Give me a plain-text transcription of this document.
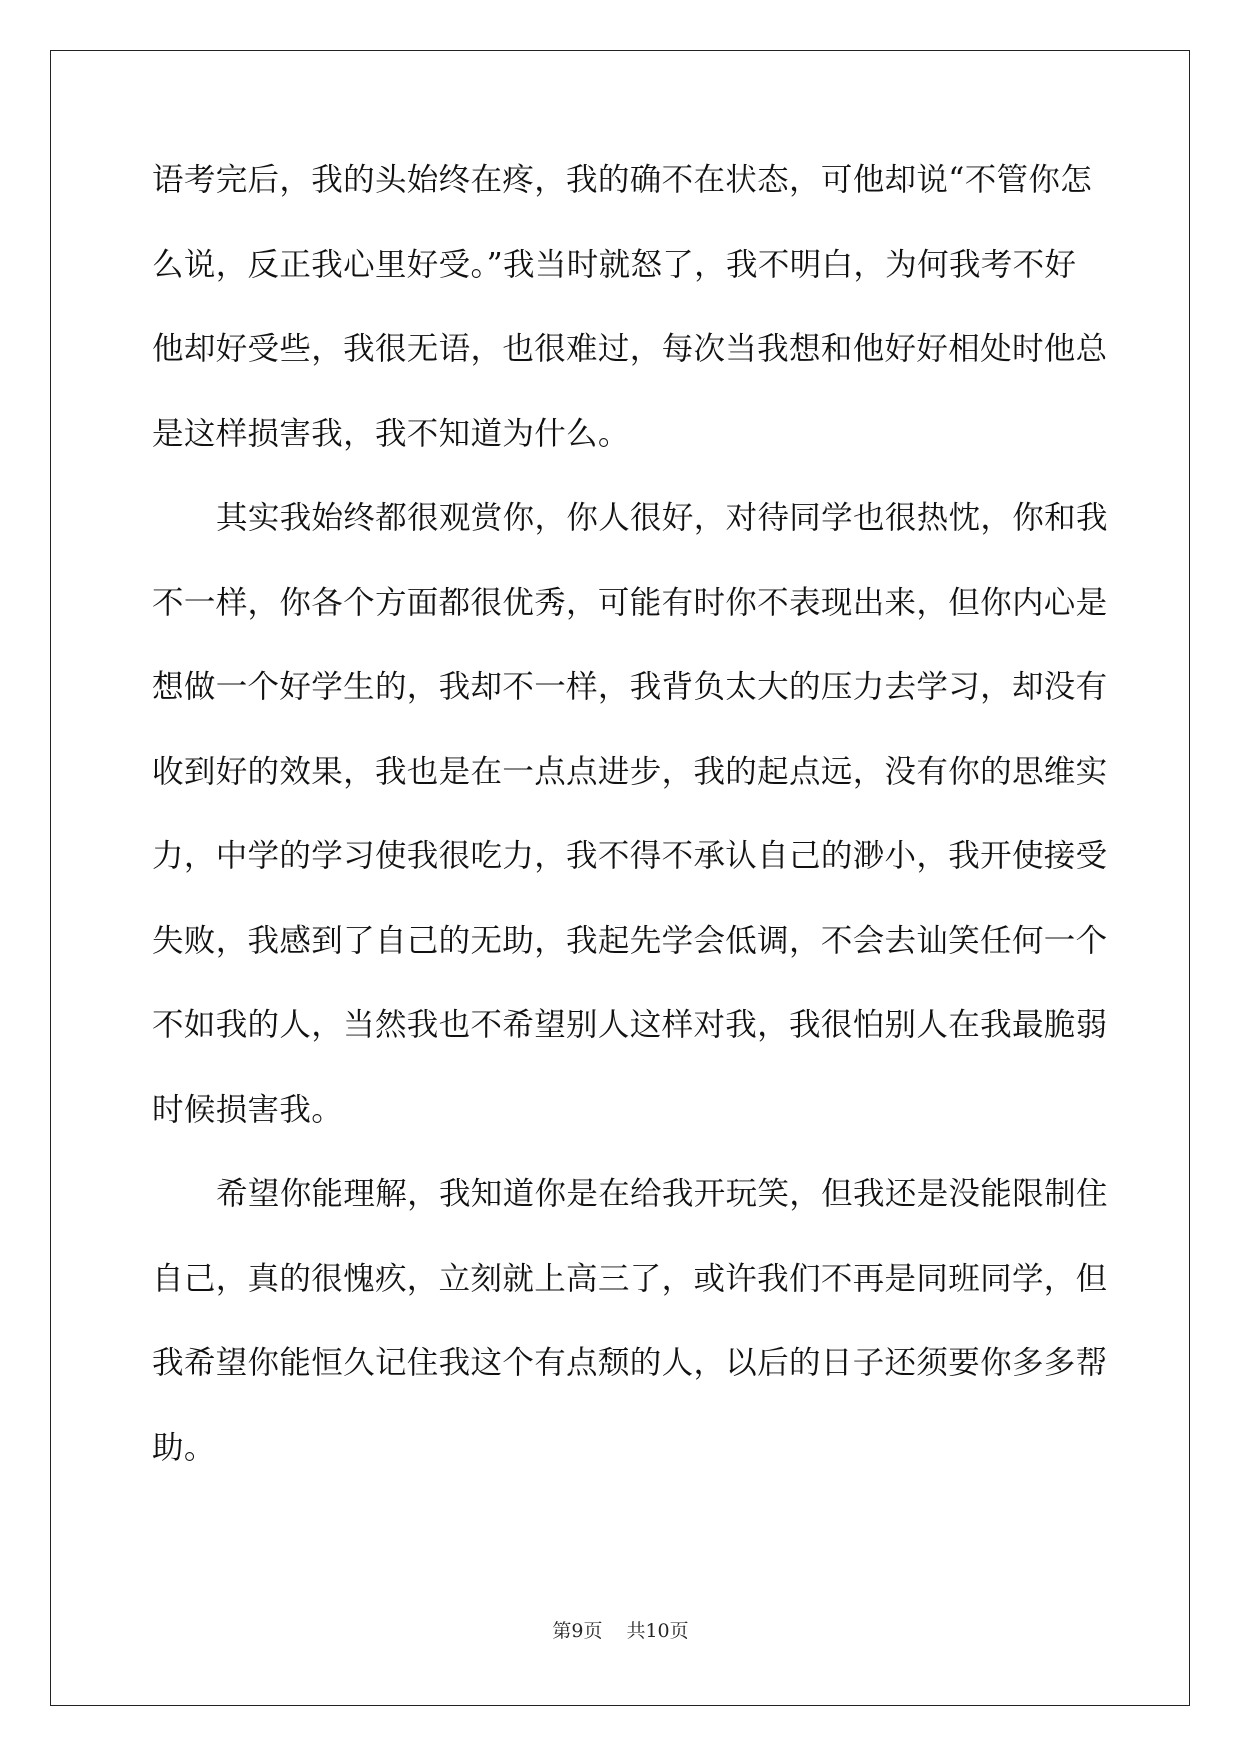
语考完后，我的头始终在疼，我的确不在状态，可他却说“不管你怎
么说，反正我心里好受。”我当时就怒了，我不明白，为何我考不好
他却好受些，我很无语，也很难过，每次当我想和他好好相处时他总
是这样损害我，我不知道为什么。
其实我始终都很观赏你，你人很好，对待同学也很热忱，你和我
不一样，你各个方面都很优秀，可能有时你不表现出来，但你内心是
想做一个好学生的，我却不一样，我背负太大的压力去学习，却没有
收到好的效果，我也是在一点点进步，我的起点远，没有你的思维实
力，中学的学习使我很吃力，我不得不承认自己的渺小，我开使接受
失败，我感到了自己的无助，我起先学会低调，不会去讪笑任何一个
不如我的人，当然我也不希望别人这样对我，我很怕别人在我最脆弱
时候损害我。
希望你能理解，我知道你是在给我开玩笑，但我还是没能限制住
自己，真的很愧疚，立刻就上高三了，或许我们不再是同班同学，但
我希望你能恒久记住我这个有点颓的人，以后的日子还须要你多多帮
助。
第9页 共10页
